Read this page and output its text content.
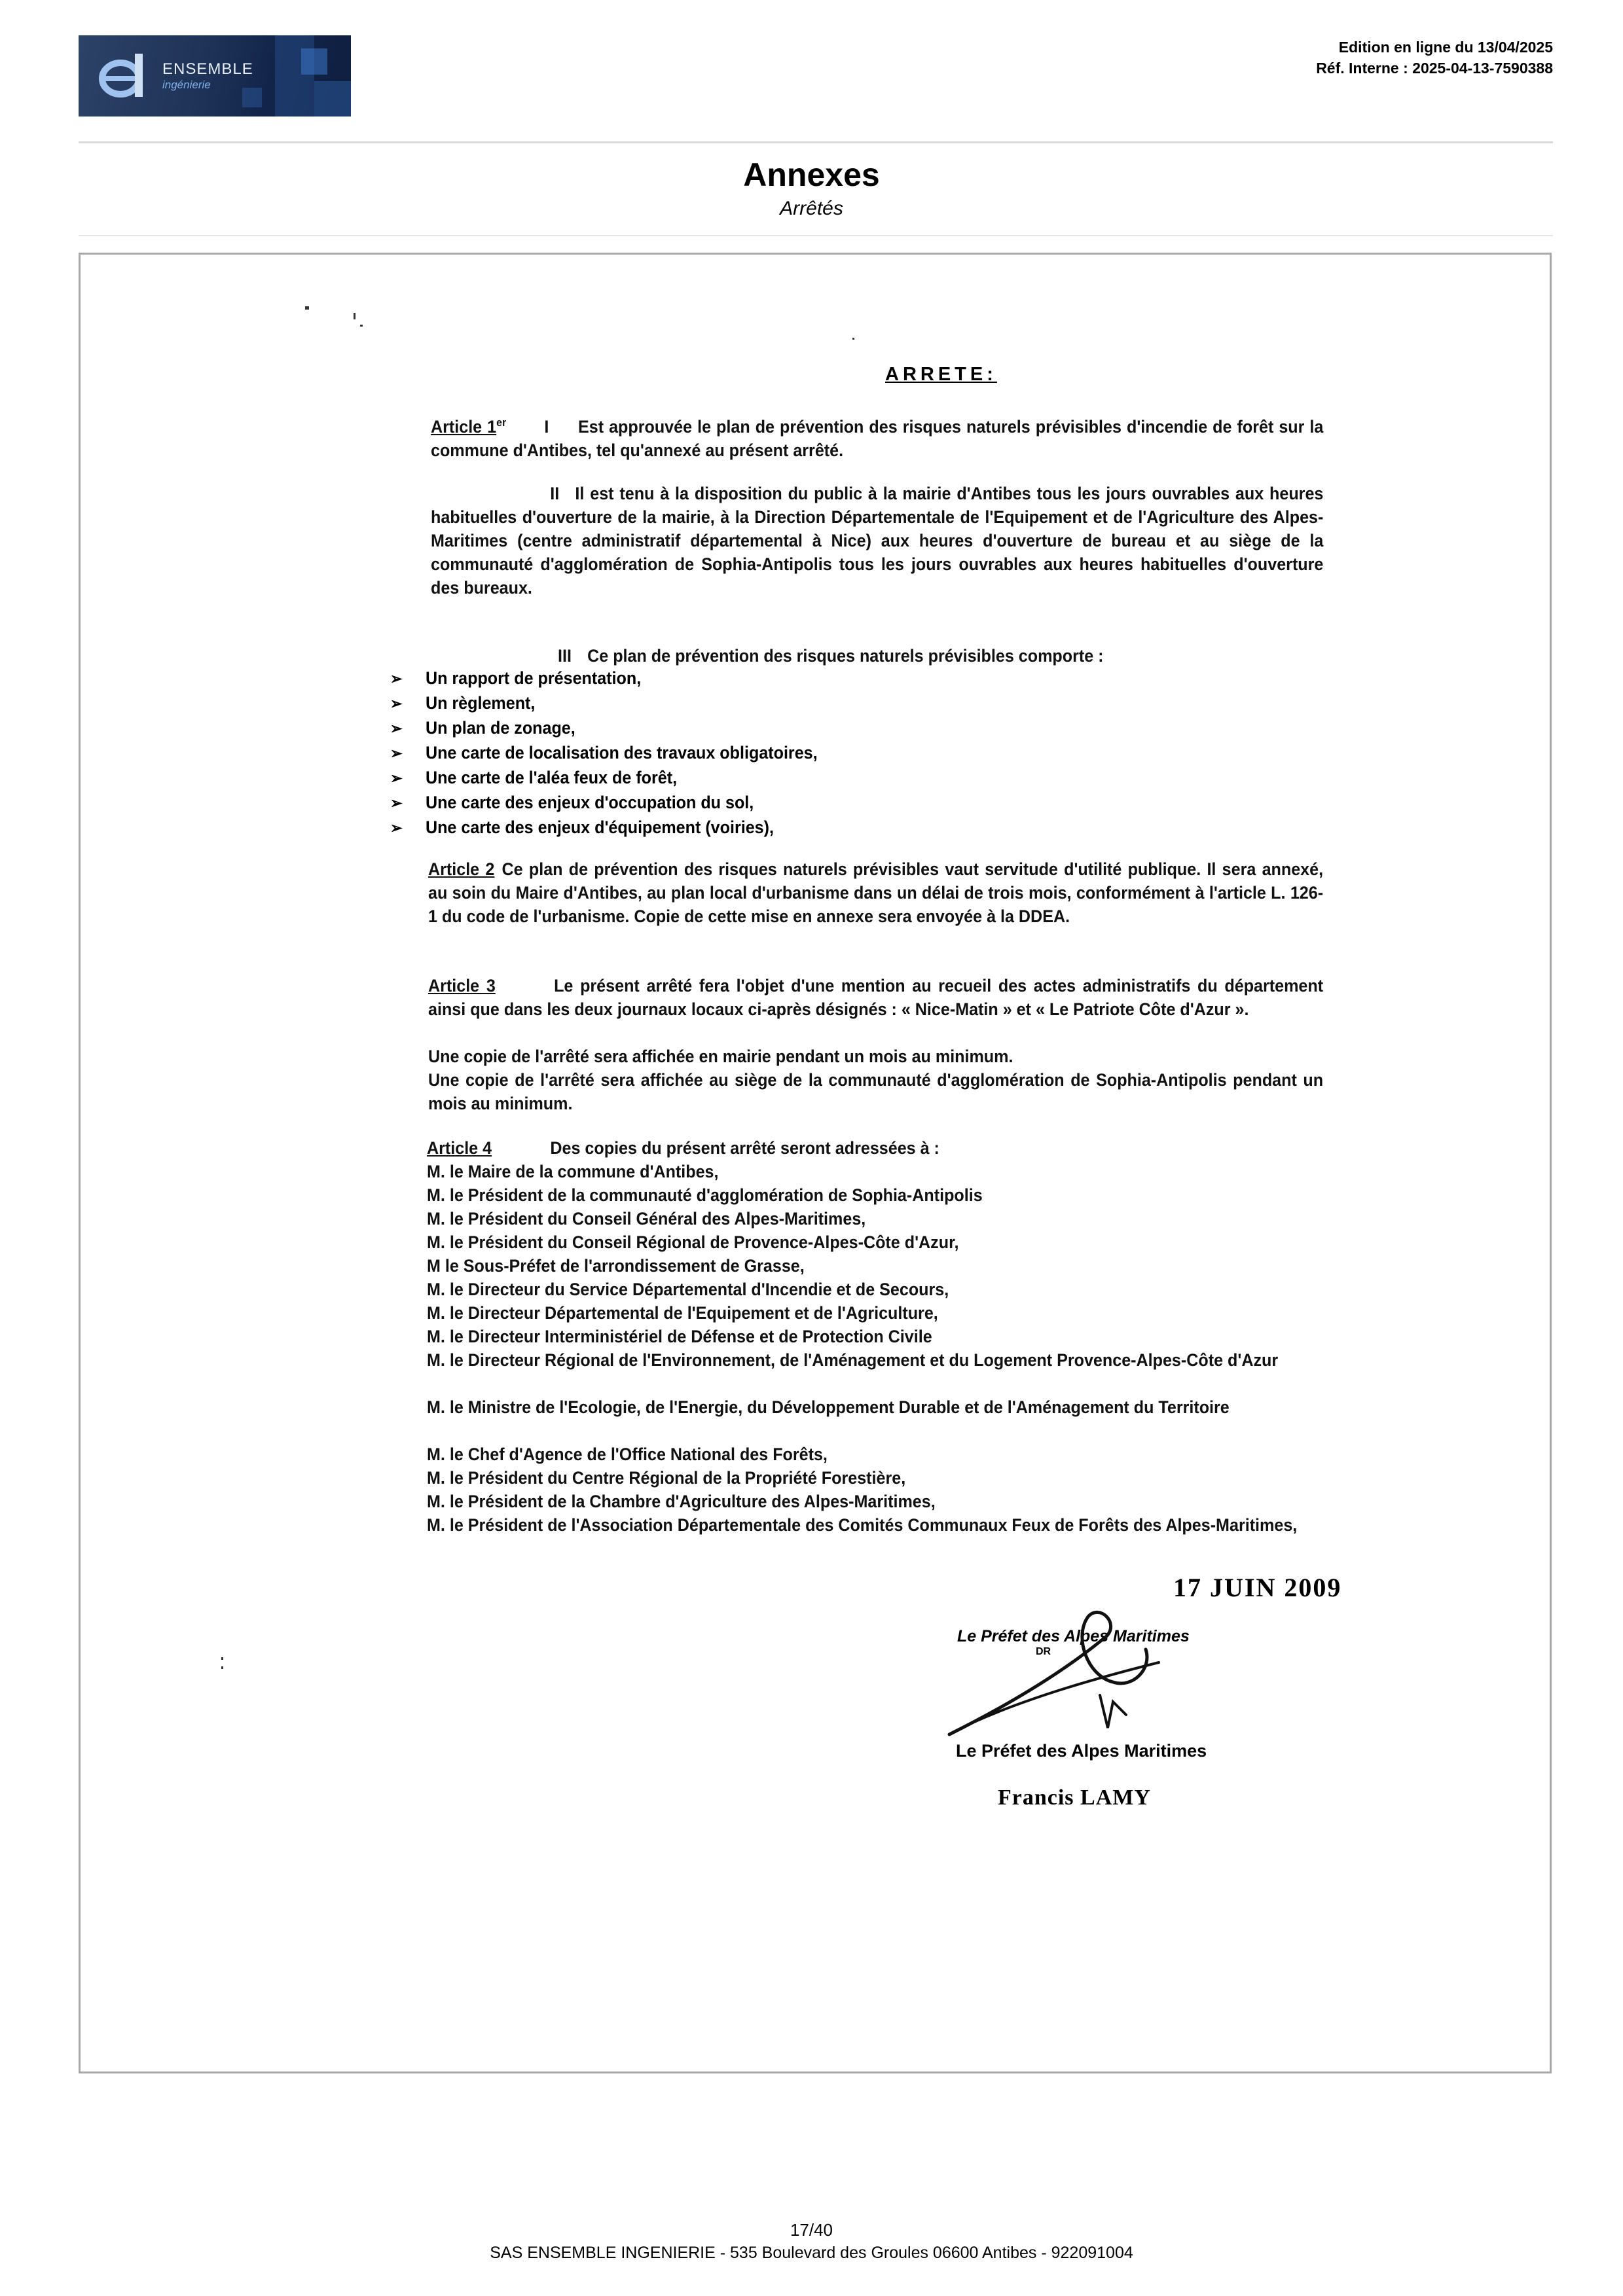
ENSEMBLE
ingénierie
Edition en ligne du 13/04/2025
Réf. Interne : 2025-04-13-7590388
Annexes
Arrêtés
ARRETE:
Article 1er I Est approuvée le plan de prévention des risques naturels prévisibles d'incendie de forêt sur la commune d'Antibes, tel qu'annexé au présent arrêté.
II Il est tenu à la disposition du public à la mairie d'Antibes tous les jours ouvrables aux heures habituelles d'ouverture de la mairie, à la Direction Départementale de l'Equipement et de l'Agriculture des Alpes-Maritimes (centre administratif départemental à Nice) aux heures d'ouverture de bureau et au siège de la communauté d'agglomération de Sophia-Antipolis tous les jours ouvrables aux heures habituelles d'ouverture des bureaux.
III Ce plan de prévention des risques naturels prévisibles comporte :
➢ Un rapport de présentation,
➢ Un règlement,
➢ Un plan de zonage,
➢ Une carte de localisation des travaux obligatoires,
➢ Une carte de l'aléa feux de forêt,
➢ Une carte des enjeux d'occupation du sol,
➢ Une carte des enjeux d'équipement (voiries),
Article 2 Ce plan de prévention des risques naturels prévisibles vaut servitude d'utilité publique. Il sera annexé, au soin du Maire d'Antibes, au plan local d'urbanisme dans un délai de trois mois, conformément à l'article L. 126-1 du code de l'urbanisme. Copie de cette mise en annexe sera envoyée à la DDEA.
Article 3	Le présent arrêté fera l'objet d'une mention au recueil des actes administratifs du département ainsi que dans les deux journaux locaux ci-après désignés : « Nice-Matin » et « Le Patriote Côte d'Azur ».
Une copie de l'arrêté sera affichée en mairie pendant un mois au minimum.
Une copie de l'arrêté sera affichée au siège de la communauté d'agglomération de Sophia-Antipolis pendant un mois au minimum.
Article 4	Des copies du présent arrêté seront adressées à :
M. le Maire de la commune d'Antibes,
M. le Président de la communauté d'agglomération de Sophia-Antipolis
M. le Président du Conseil Général des Alpes-Maritimes,
M. le Président du Conseil Régional de Provence-Alpes-Côte d'Azur,
M le Sous-Préfet de l'arrondissement de Grasse,
M. le Directeur du Service Départemental d'Incendie et de Secours,
M. le Directeur Départemental de l'Equipement et de l'Agriculture,
M. le Directeur Interministériel de Défense et de Protection Civile
M. le Directeur Régional de l'Environnement, de l'Aménagement et du Logement Provence-Alpes-Côte d'Azur
M. le Ministre de l'Ecologie, de l'Energie, du Développement Durable et de l'Aménagement du Territoire
M. le Chef d'Agence de l'Office National des Forêts,
M. le Président du Centre Régional de la Propriété Forestière,
M. le Président de la Chambre d'Agriculture des Alpes-Maritimes,
M. le Président de l'Association Départementale des Comités Communaux Feux de Forêts des Alpes-Maritimes,
17 JUIN 2009
Le Préfet des Alpes Maritimes
DR
Le Préfet des Alpes Maritimes
Francis LAMY
17/40
SAS ENSEMBLE INGENIERIE - 535 Boulevard des Groules 06600 Antibes - 922091004
